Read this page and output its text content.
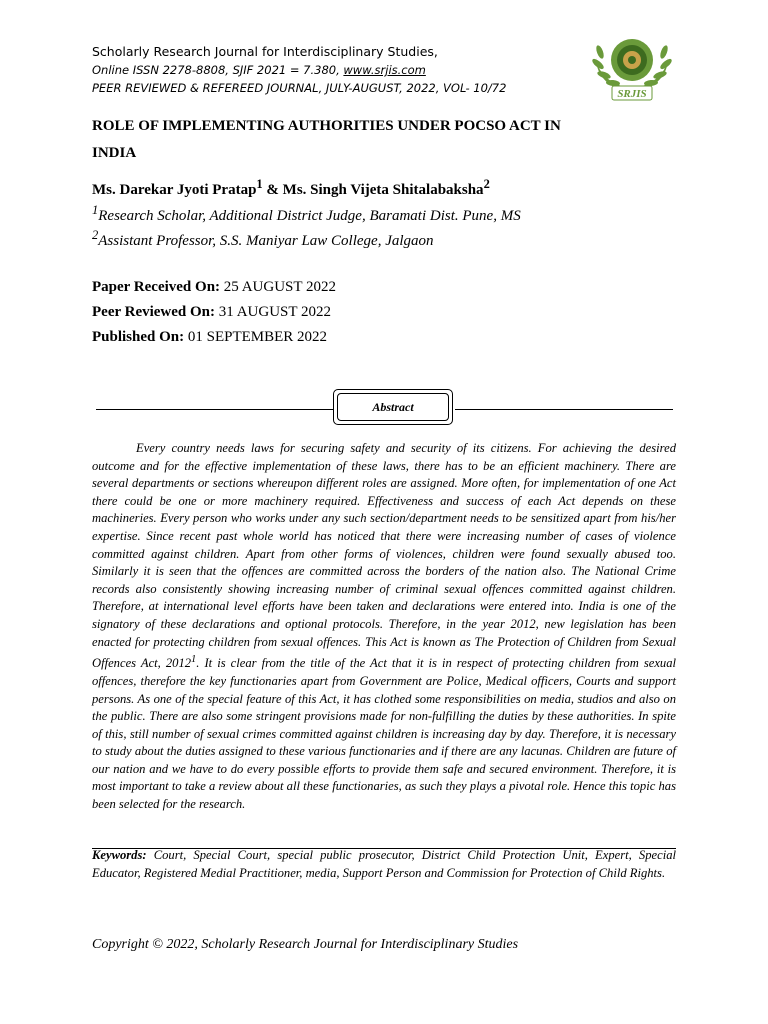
Scholarly Research Journal for Interdisciplinary Studies,
Online ISSN 2278-8808, SJIF 2021 = 7.380, www.srjis.com
PEER REVIEWED & REFEREED JOURNAL, JULY-AUGUST, 2022, VOL- 10/72	SRJIS
ROLE OF IMPLEMENTING AUTHORITIES UNDER POCSO ACT IN
INDIA
Ms. Darekar Jyoti Pratap$^1$ & Ms. Singh Vijeta Shitalabaksha$^2$
$^1$Research Scholar, Additional District Judge, Baramati Dist. Pune, MS
$^2$Assistant Professor, S.S. Maniyar Law College, Jalgaon
Paper Received On: 25 AUGUST 2022
Peer Reviewed On: 31 AUGUST 2022
Published On: 01 SEPTEMBER 2022
Abstract
Every country needs laws for securing safety and security of its citizens. For achieving the desired outcome and for the effective implementation of these laws, there has to be an efficient machinery. There are several departments or sections whereupon different roles are assigned. More often, for implementation of one Act there could be one or more machinery required. Effectiveness and success of each Act depends on these machineries. Every person who works under any such section/department needs to be sensitized apart from his/her expertise. Since recent past whole world has noticed that there were increasing number of cases of violence committed against children. Apart from other forms of violences, children were found sexually abused too. Similarly it is seen that the offences are committed across the borders of the nation also. The National Crime records also consistently showing increasing number of criminal sexual offences committed against children. Therefore, at international level efforts have been taken and declarations were entered into. India is one of the signatory of these declarations and optional protocols. Therefore, in the year 2012, new legislation has been enacted for protecting children from sexual offences. This Act is known as The Protection of Children from Sexual Offences Act, 2012$^1$. It is clear from the title of the Act that it is in respect of protecting children from sexual offences, therefore the key functionaries apart from Government are Police, Medical officers, Courts and support persons. As one of the special feature of this Act, it has clothed some responsibilities on media, studios and also on the public. There are also some stringent provisions made for non-fulfilling the duties by these authorities. In spite of this, still number of sexual crimes committed against children is increasing day by day. Therefore, it is necessary to study about the duties assigned to these various functionaries and if there are any lacunas. Children are future of our nation and we have to do every possible efforts to provide them safe and secured environment. Therefore, it is most important to take a review about all these functionaries, as such they plays a pivotal role. Hence this topic has been selected for the research.
Keywords: Court, Special Court, special public prosecutor, District Child Protection Unit, Expert, Special Educator, Registered Medial Practitioner, media, Support Person and Commission for Protection of Child Rights.
Copyright © 2022, Scholarly Research Journal for Interdisciplinary Studies
